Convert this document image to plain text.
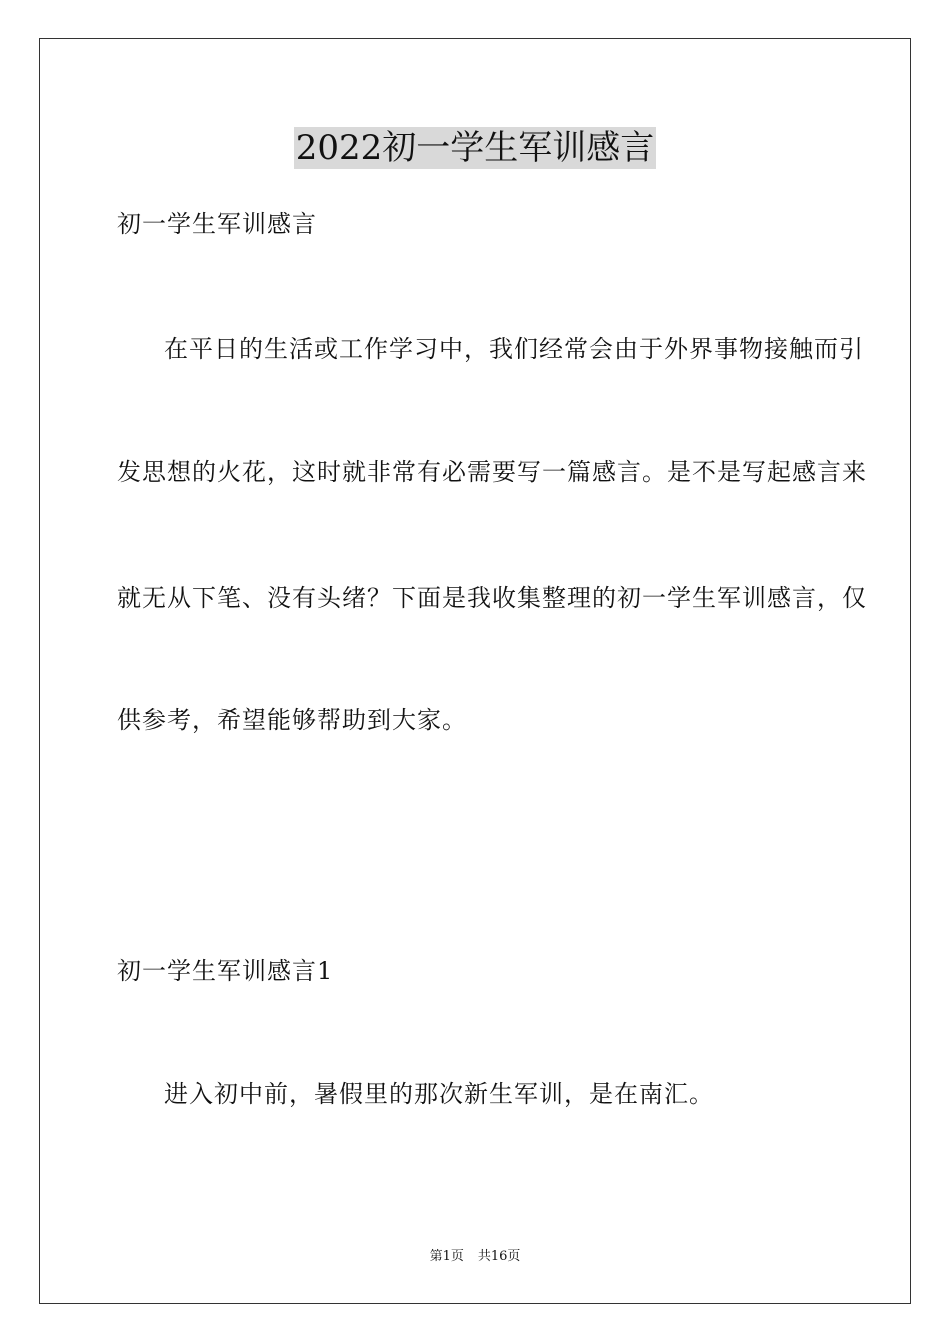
2022初一学生军训感言
初一学生军训感言
在平日的生活或工作学习中，我们经常会由于外界事物接触而引
发思想的火花，这时就非常有必需要写一篇感言。是不是写起感言来
就无从下笔、没有头绪？下面是我收集整理的初一学生军训感言，仅
供参考，希望能够帮助到大家。
初一学生军训感言1
进入初中前，暑假里的那次新生军训，是在南汇。
第1页 共16页
